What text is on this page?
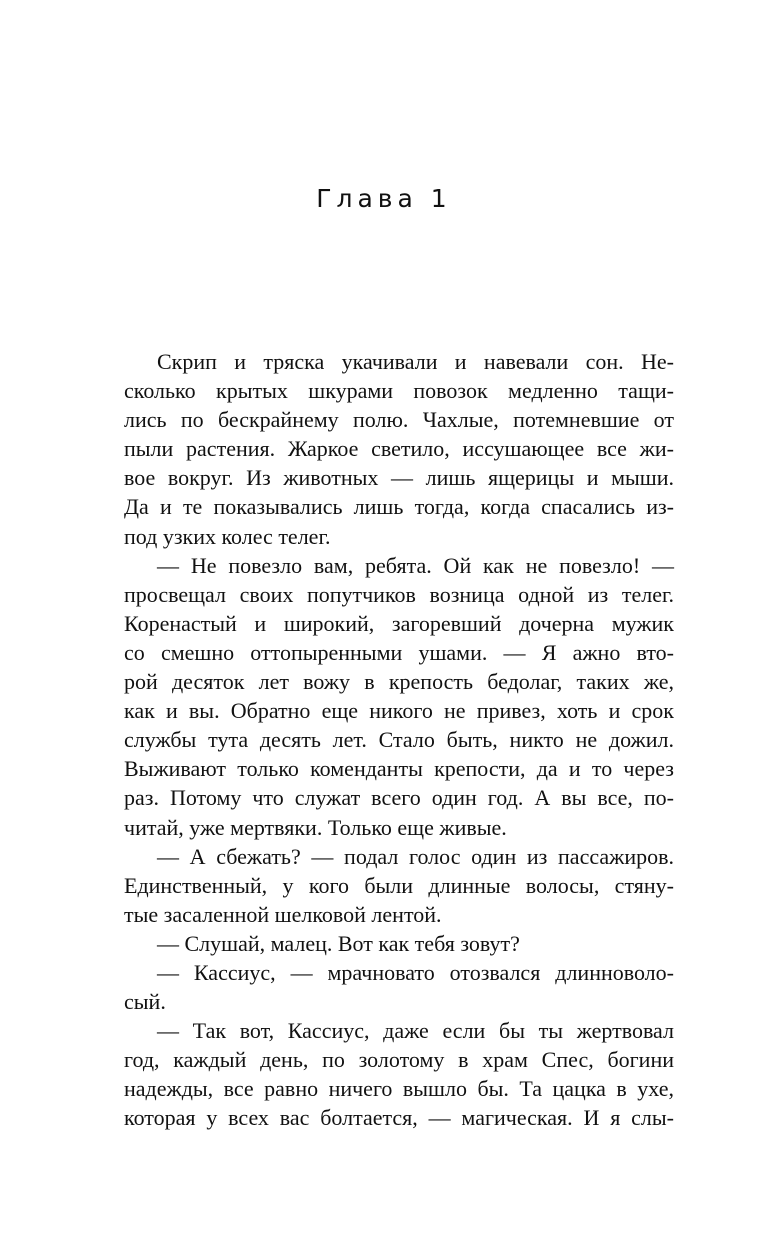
Глава 1
Скрип и тряска укачивали и навевали сон. Не-
сколько крытых шкурами повозок медленно тащи-
лись по бескрайнему полю. Чахлые, потемневшие от
пыли растения. Жаркое светило, иссушающее все жи-
вое вокруг. Из животных — лишь ящерицы и мыши.
Да и те показывались лишь тогда, когда спасались из-
под узких колес телег.
— Не повезло вам, ребята. Ой как не повезло! —
просвещал своих попутчиков возница одной из телег.
Коренастый и широкий, загоревший дочерна мужик
со смешно оттопыренными ушами. — Я ажно вто-
рой десяток лет вожу в крепость бедолаг, таких же,
как и вы. Обратно еще никого не привез, хоть и срок
службы тута десять лет. Стало быть, никто не дожил.
Выживают только коменданты крепости, да и то через
раз. Потому что служат всего один год. А вы все, по-
читай, уже мертвяки. Только еще живые.
— А сбежать? — подал голос один из пассажиров.
Единственный, у кого были длинные волосы, стяну-
тые засаленной шелковой лентой.
— Слушай, малец. Вот как тебя зовут?
— Кассиус, — мрачновато отозвался длинноволо-
сый.
— Так вот, Кассиус, даже если бы ты жертвовал
год, каждый день, по золотому в храм Спес, богини
надежды, все равно ничего вышло бы. Та цацка в ухе,
которая у всех вас болтается, — магическая. И я слы-
